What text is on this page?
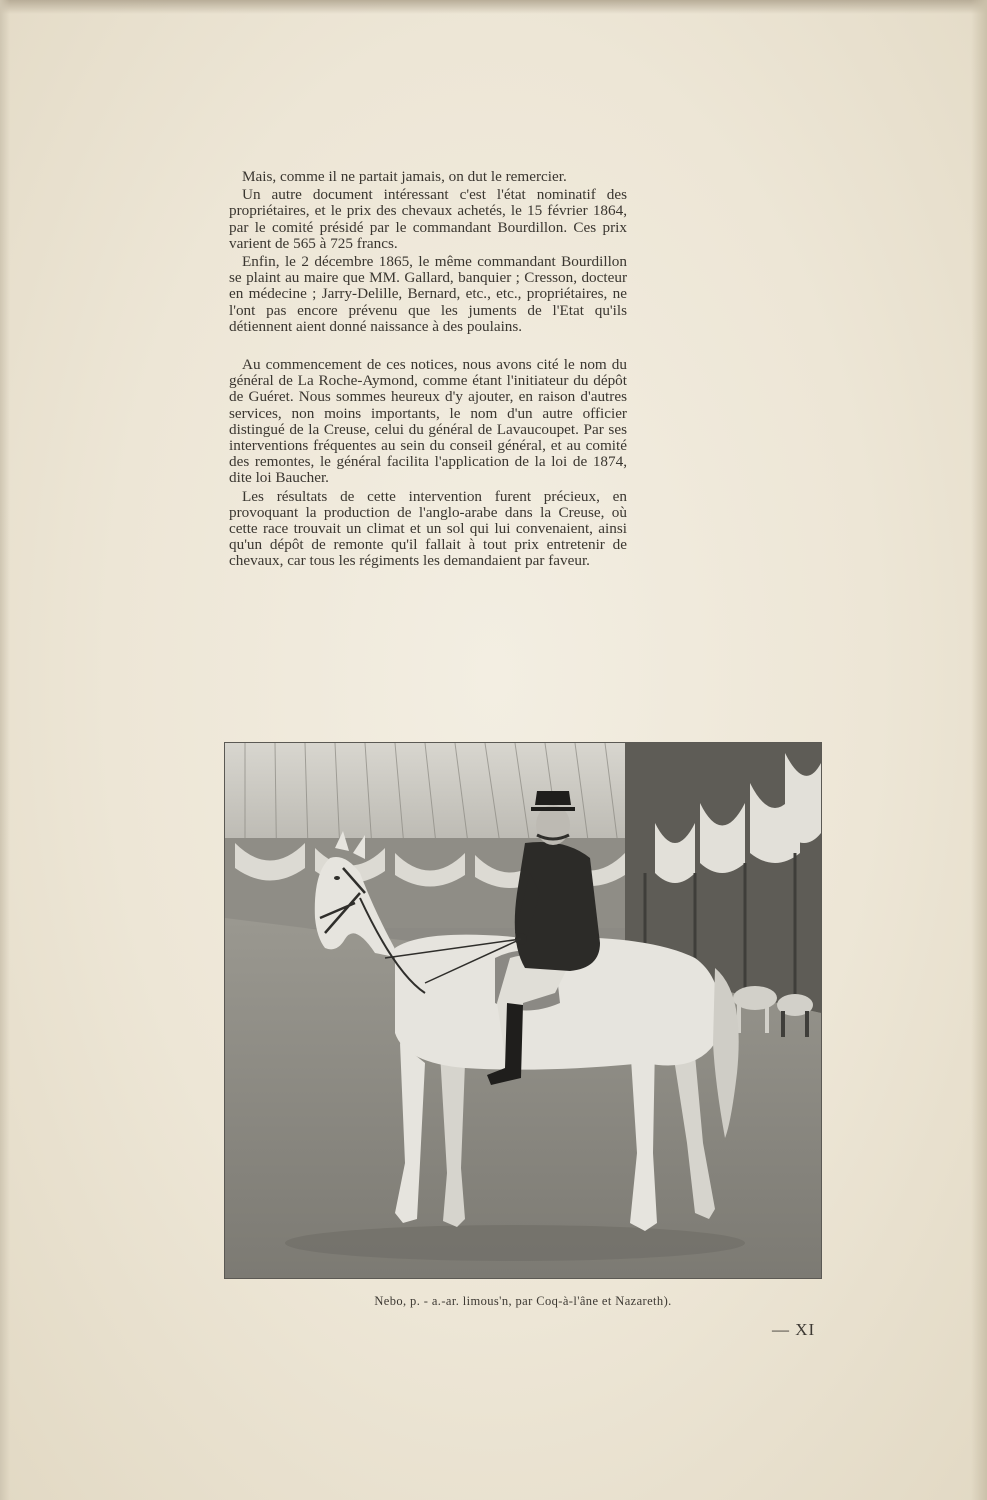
Mais, comme il ne partait jamais, on dut le remercier.

Un autre document intéressant c'est l'état nominatif des propriétaires, et le prix des chevaux achetés, le 15 février 1864, par le comité présidé par le commandant Bourdillon. Ces prix varient de 565 à 725 francs.

Enfin, le 2 décembre 1865, le même commandant Bourdillon se plaint au maire que MM. Gallard, banquier ; Cresson, docteur en médecine ; Jarry-Delille, Bernard, etc., etc., propriétaires, ne l'ont pas encore prévenu que les juments de l'Etat qu'ils détiennent aient donné naissance à des poulains.

Au commencement de ces notices, nous avons cité le nom du général de La Roche-Aymond, comme étant l'initiateur du dépôt de Guéret. Nous sommes heureux d'y ajouter, en raison d'autres services, non moins importants, le nom d'un autre officier distingué de la Creuse, celui du général de Lavaucoupet. Par ses interventions fréquentes au sein du conseil général, et au comité des remontes, le général facilita l'application de la loi de 1874, dite loi Baucher.

Les résultats de cette intervention furent précieux, en provoquant la production de l'anglo-arabe dans la Creuse, où cette race trouvait un climat et un sol qui lui convenaient, ainsi qu'un dépôt de remonte qu'il fallait à tout prix entretenir de chevaux, car tous les régiments les demandaient par faveur.

Nebo, p. - a.-ar. limous'n, par Coq-à-l'âne et Nazareth).
— XI
